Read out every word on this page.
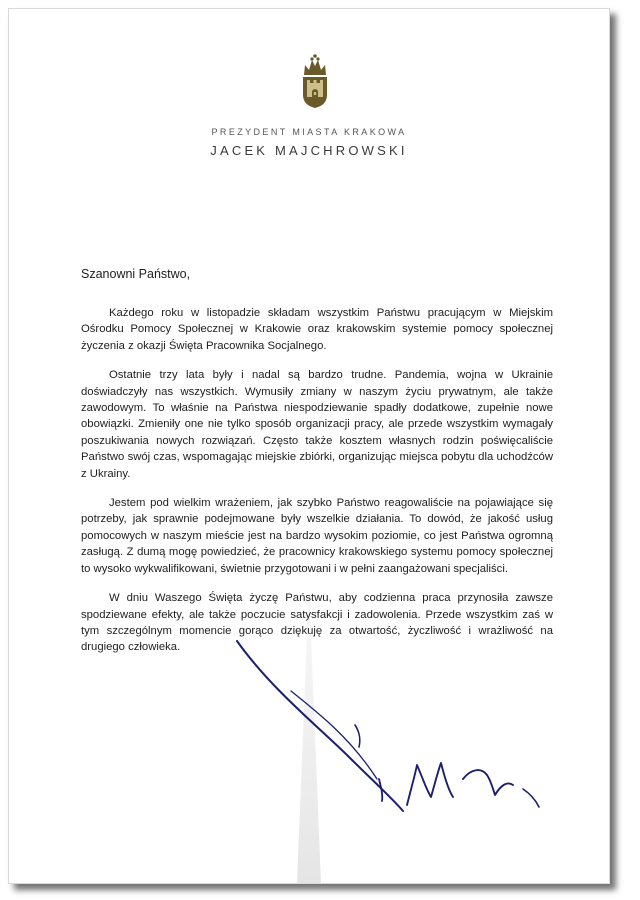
PREZYDENT MIASTA KRAKOWA
JACEK MAJCHROWSKI
Szanowni Państwo,

Każdego roku w listopadzie składam wszystkim Państwu pracującym w Miejskim Ośrodku Pomocy Społecznej w Krakowie oraz krakowskim systemie pomocy społecznej życzenia z okazji Święta Pracownika Socjalnego.

Ostatnie trzy lata były i nadal są bardzo trudne. Pandemia, wojna w Ukrainie doświadczyły nas wszystkich. Wymusiły zmiany w naszym życiu prywatnym, ale także zawodowym. To właśnie na Państwa niespodziewanie spadły dodatkowe, zupełnie nowe obowiązki. Zmieniły one nie tylko sposób organizacji pracy, ale przede wszystkim wymagały poszukiwania nowych rozwiązań. Często także kosztem własnych rodzin poświęcaliście Państwo swój czas, wspomagając miejskie zbiórki, organizując miejsca pobytu dla uchodźców z Ukrainy.

Jestem pod wielkim wrażeniem, jak szybko Państwo reagowaliście na pojawiające się potrzeby, jak sprawnie podejmowane były wszelkie działania. To dowód, że jakość usług pomocowych w naszym mieście jest na bardzo wysokim poziomie, co jest Państwa ogromną zasługą. Z dumą mogę powiedzieć, że pracownicy krakowskiego systemu pomocy społecznej to wysoko wykwalifikowani, świetnie przygotowani i w pełni zaangażowani specjaliści.

W dniu Waszego Święta życzę Państwu, aby codzienna praca przynosiła zawsze spodziewane efekty, ale także poczucie satysfakcji i zadowolenia. Przede wszystkim zaś w tym szczególnym momencie gorąco dziękuję za otwartość, życzliwość i wrażliwość na drugiego człowieka.
